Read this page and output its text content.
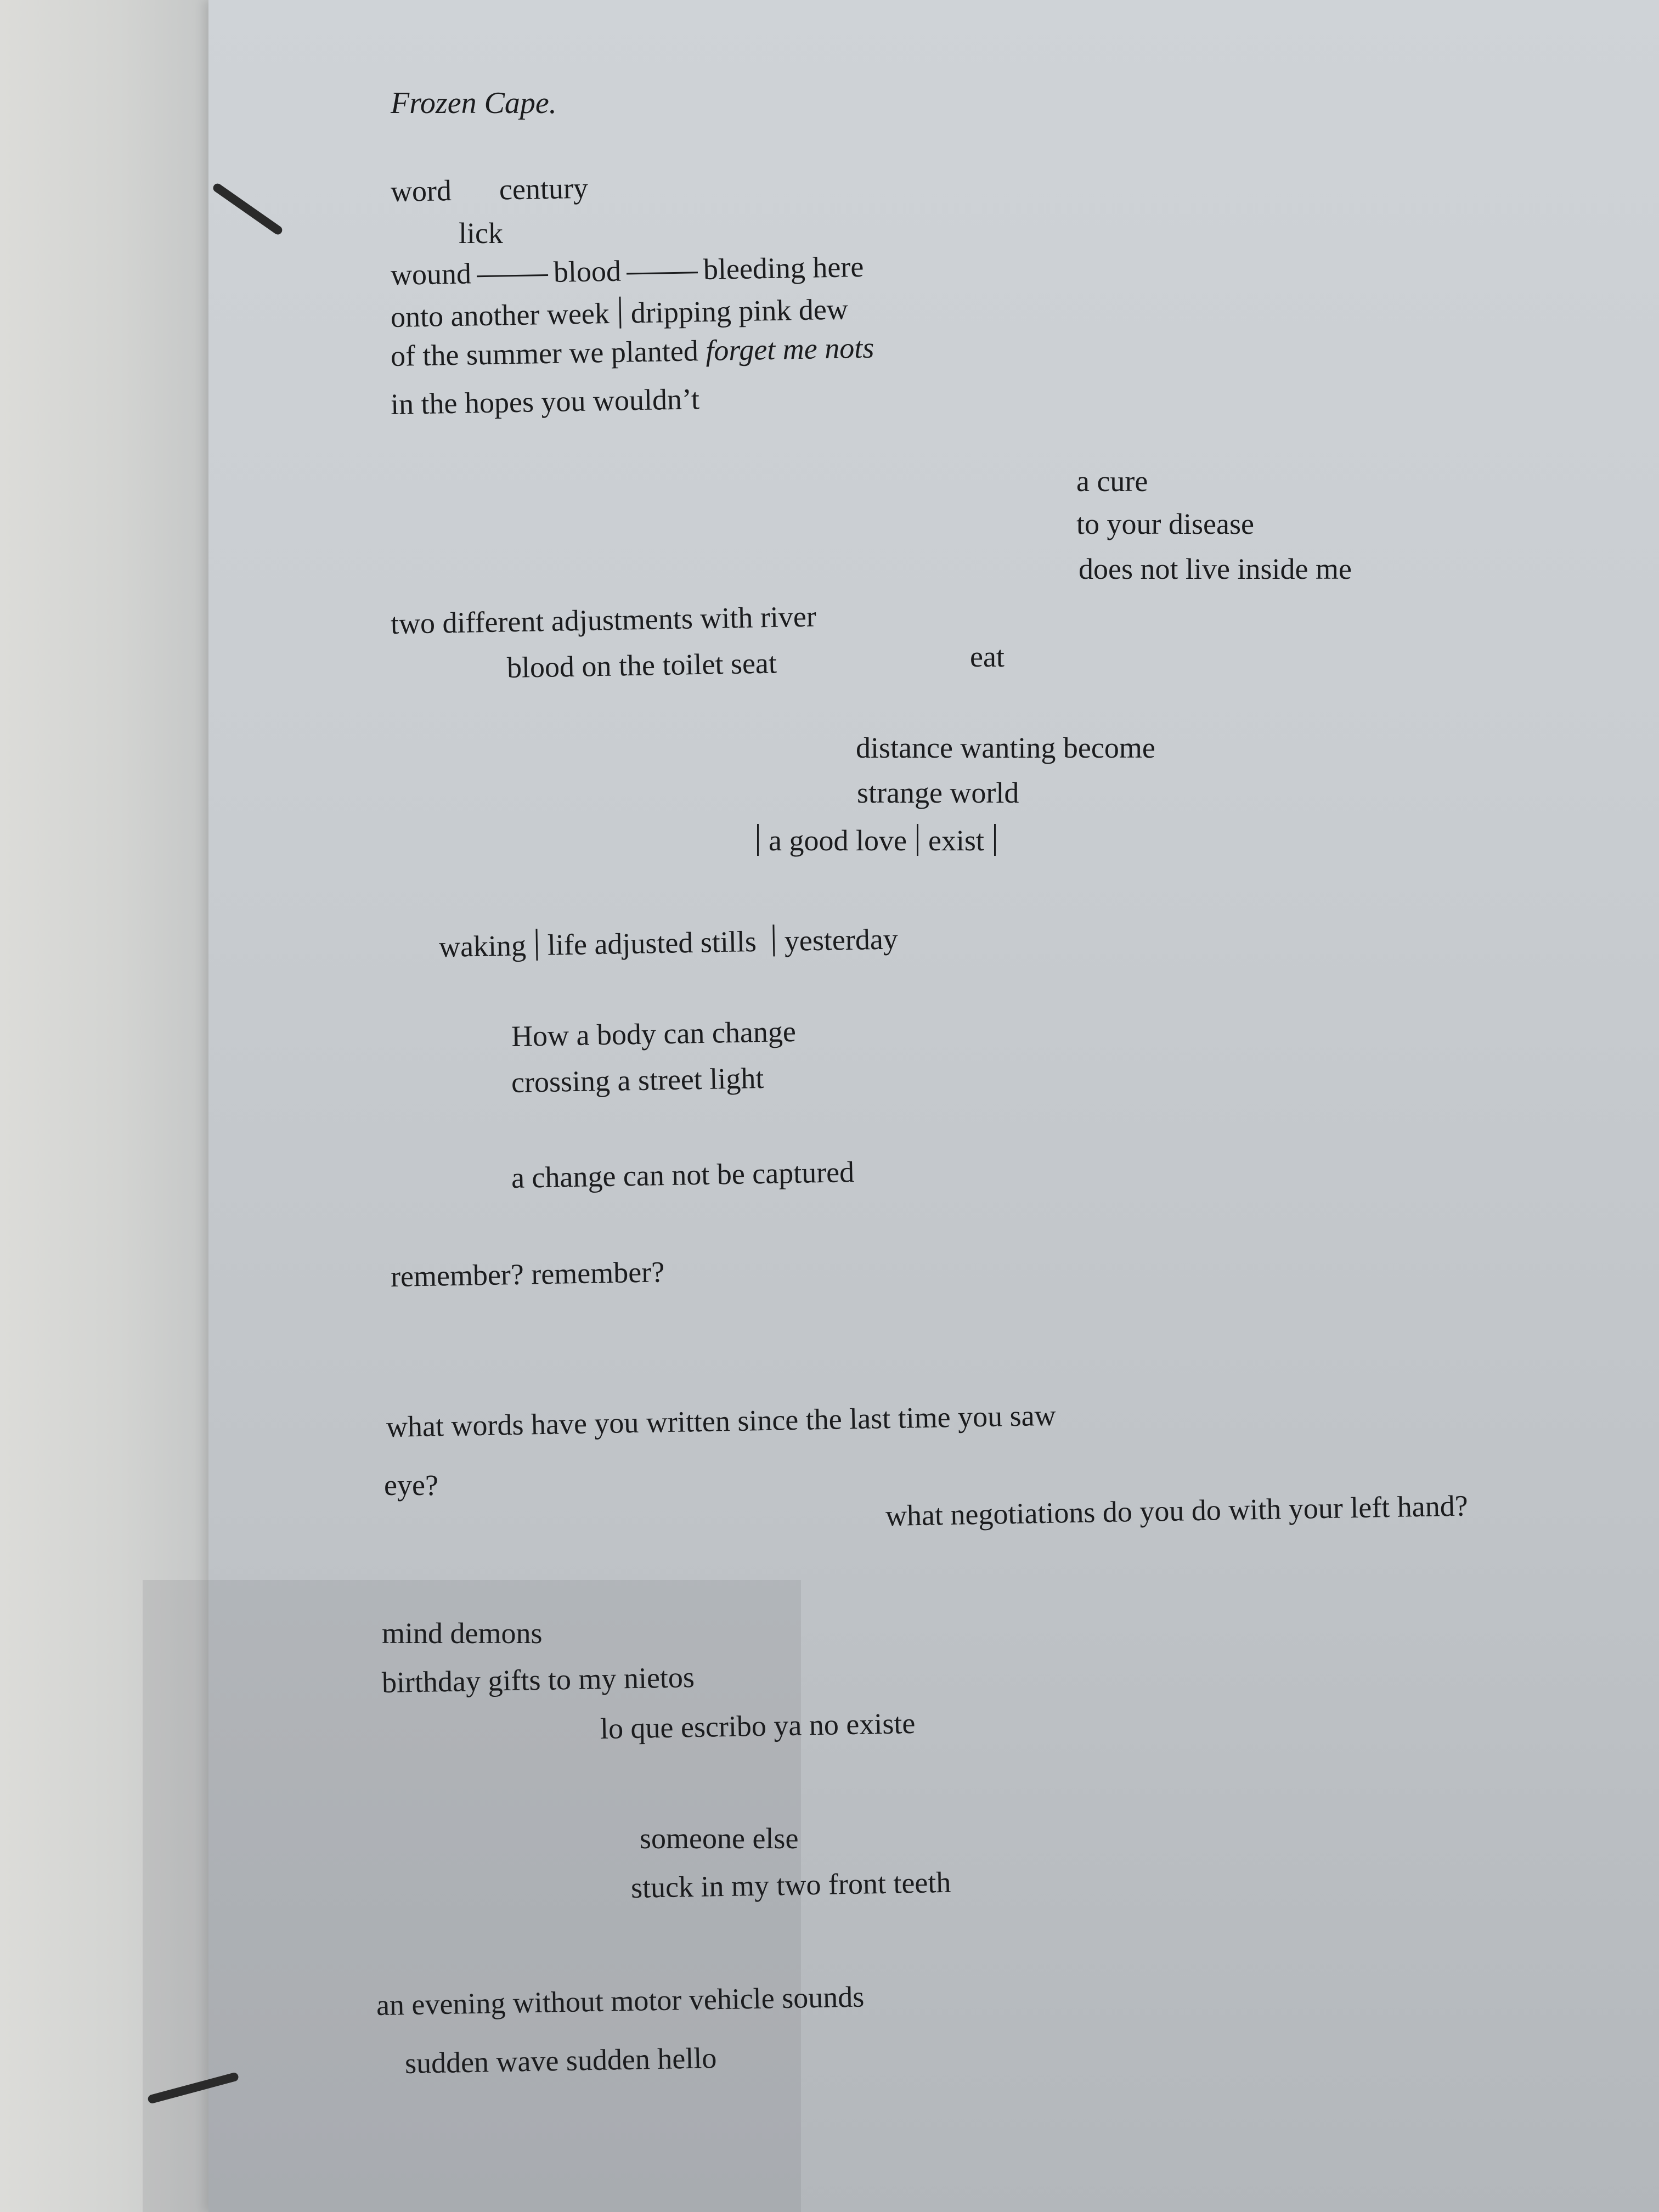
Frozen Cape.
word century
lick
wound	blood	bleeding here
onto another week dripping pink dew
of the summer we planted forget me nots
in the hopes you wouldn’t
a cure
to your disease
does not live inside me
two different adjustments with river
blood on the toilet seat	eat
distance wanting become
strange world
a good love exist
waking life adjusted stills yesterday
How a body can change
crossing a street light
a change can not be captured
remember? remember?
what words have you written since the last time you saw
eye?
what negotiations do you do with your left hand?
mind demons
birthday gifts to my nietos
lo que escribo ya no existe
someone else
stuck in my two front teeth
an evening without motor vehicle sounds
sudden wave sudden hello
